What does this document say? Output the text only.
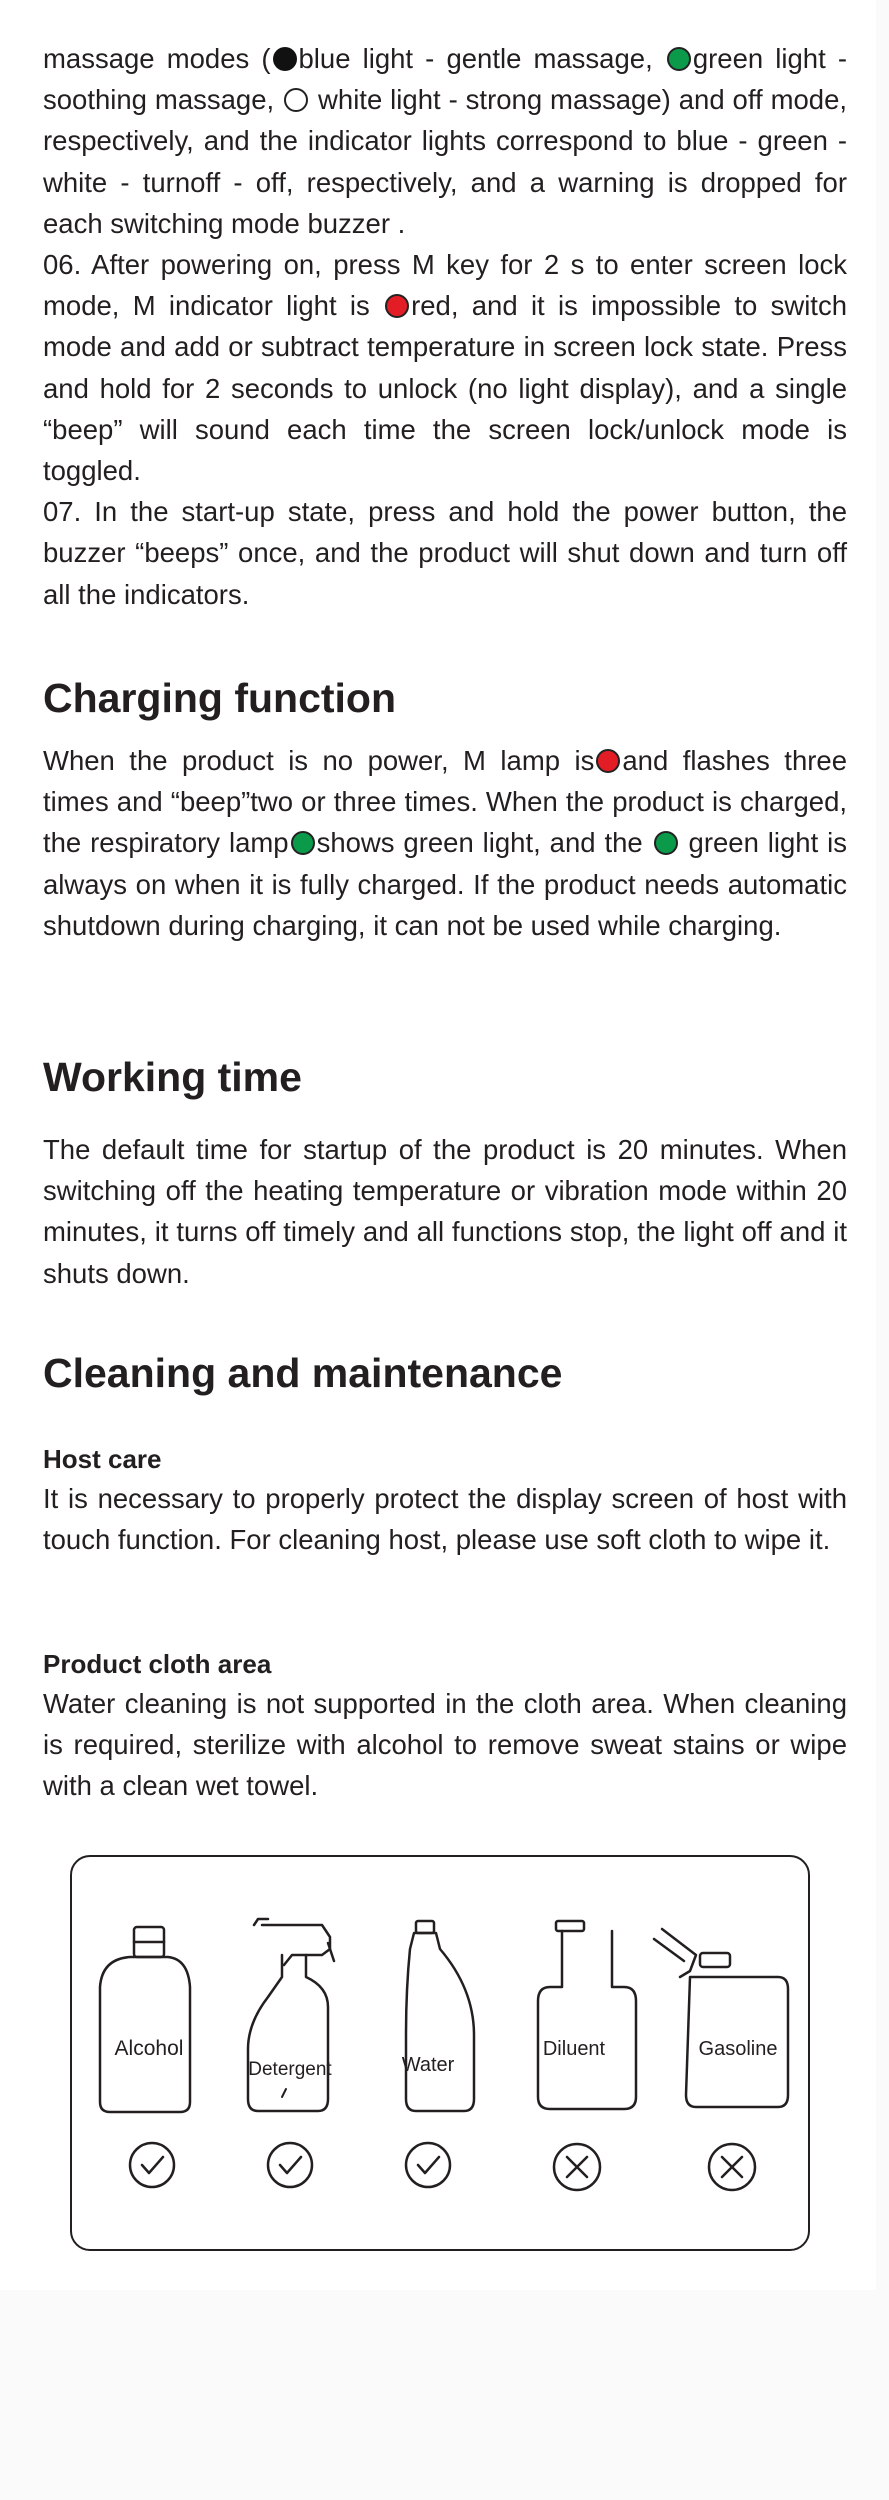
massage modes ( blue light - gentle massage, green light - soothing massage, white light - strong massage) and off mode, respectively, and the indicator lights correspond to blue - green - white - turnoff - off, respectively, and a warning is dropped for each switching mode buzzer .

06. After powering on, press M key for 2 s to enter screen lock mode, M indicator light is red, and it is impossible to switch mode and add or subtract temperature in screen lock state. Press and hold for 2 seconds to unlock (no light display), and a single “beep” will sound each time the screen lock/unlock mode is toggled.

07. In the start-up state, press and hold the power button, the buzzer “beeps” once, and the product will shut down and turn off all the indicators.

Charging function

When the product is no power, M lamp is and flashes three times and “beep”two or three times. When the product is charged, the respiratory lamp shows green light, and the green light is always on when it is fully charged. If the product needs automatic shutdown during charging, it can not be used while charging.

Working time
The default time for startup of the product is 20 minutes. When switching off the heating temperature or vibration mode within 20 minutes, it turns off timely and all functions stop, the light off and it shuts down.
Cleaning and maintenance
Host care
It is necessary to properly protect the display screen of host with touch function. For cleaning host, please use soft cloth to wipe it.
Product cloth area
Water cleaning is not supported in the cloth area. When cleaning is required, sterilize with alcohol to remove sweat stains or wipe with a clean wet towel.
Alcohol
Detergent	Water
Diluent	Gasoline
